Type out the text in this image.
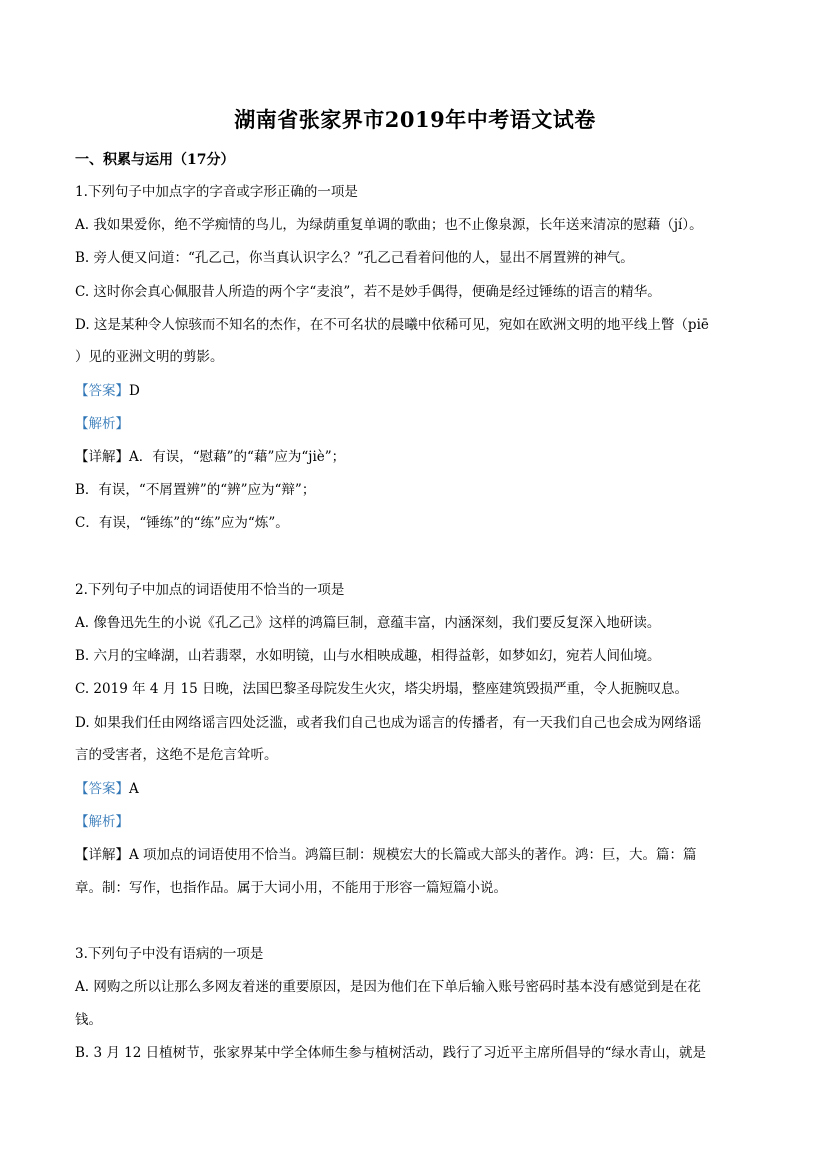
湖南省张家界市2019年中考语文试卷
一、积累与运用（17分）
1.下列句子中加点字的字音或字形正确的一项是
A. 我如果爱你，绝不学痴情的鸟儿，为绿荫重复单调的歌曲；也不止像泉源，长年送来清凉的慰藉（jí）。
B. 旁人便又问道：“孔乙己，你当真认识字么？”孔乙己看着问他的人，显出不屑置辨的神气。
C. 这时你会真心佩服昔人所造的两个字“麦浪”，若不是妙手偶得，便确是经过锤练的语言的精华。
D. 这是某种令人惊骇而不知名的杰作，在不可名状的晨曦中依稀可见，宛如在欧洲文明的地平线上瞥（piē
）见的亚洲文明的剪影。
【答案】D
【解析】
【详解】A．有误，“慰藉”的“藉”应为“jiè”；
B．有误，“不屑置辨”的“辨”应为“辩”；
C．有误，“锤练”的“练”应为“炼”。
2.下列句子中加点的词语使用不恰当的一项是
A. 像鲁迅先生的小说《孔乙己》这样的鸿篇巨制，意蕴丰富，内涵深刻，我们要反复深入地研读。
B. 六月的宝峰湖，山若翡翠，水如明镜，山与水相映成趣，相得益彰，如梦如幻，宛若人间仙境。
C. 2019 年 4 月 15 日晚，法国巴黎圣母院发生火灾，塔尖坍塌，整座建筑毁损严重，令人扼腕叹息。
D. 如果我们任由网络谣言四处泛滥，或者我们自己也成为谣言的传播者，有一天我们自己也会成为网络谣
言的受害者，这绝不是危言耸听。
【答案】A
【解析】
【详解】A 项加点的词语使用不恰当。鸿篇巨制：规模宏大的长篇或大部头的著作。鸿：巨，大。篇：篇
章。制：写作，也指作品。属于大词小用，不能用于形容一篇短篇小说。
3.下列句子中没有语病的一项是
A. 网购之所以让那么多网友着迷的重要原因，是因为他们在下单后输入账号密码时基本没有感觉到是在花
钱。
B. 3 月 12 日植树节，张家界某中学全体师生参与植树活动，践行了习近平主席所倡导的“绿水青山，就是
